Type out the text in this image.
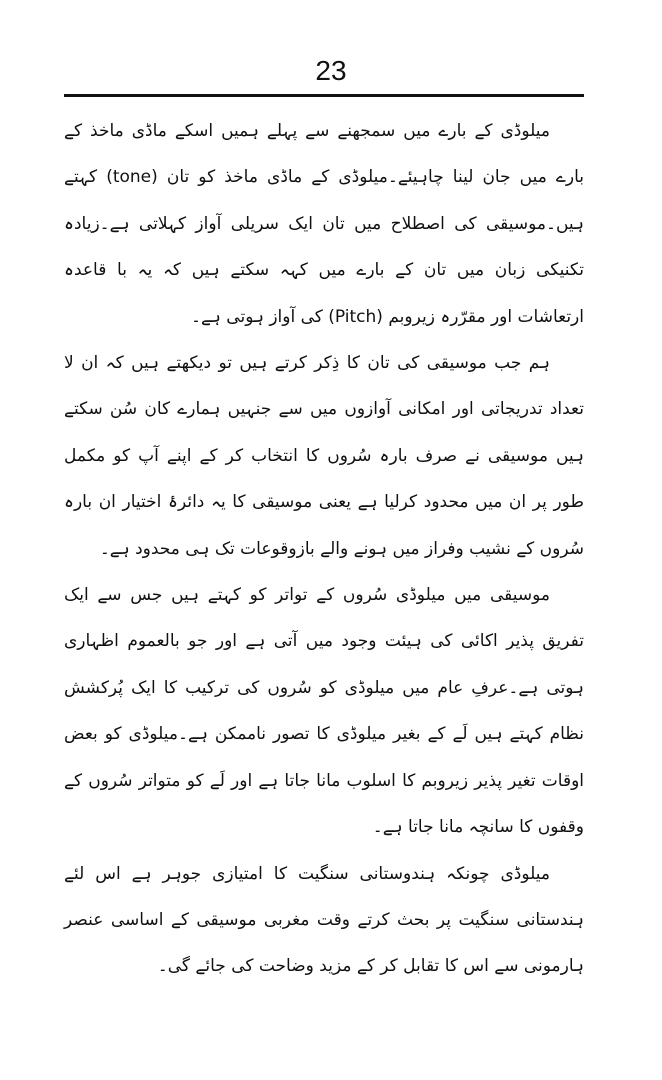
23

میلوڈی کے بارے میں سمجھنے سے پہلے ہمیں اسکے ماڈی ماخذ کے بارے میں جان لینا چاہیئے۔میلوڈی کے ماڈی ماخذ کو تان (tone) کہتے ہیں۔موسیقی کی اصطلاح میں تان ایک سریلی آواز کہلاتی ہے۔زیادہ تکنیکی زبان میں تان کے بارے میں کہہ سکتے ہیں کہ یہ با قاعدہ ارتعاشات اور مقرّرہ زیروبم (Pitch) کی آواز ہوتی ہے۔

ہم جب موسیقی کی تان کا ذِکر کرتے ہیں تو دیکھتے ہیں کہ ان لا تعداد تدریجاتی اور امکانی آوازوں میں سے جنہیں ہمارے کان سُن سکتے ہیں موسیقی نے صرف بارہ سُروں کا انتخاب کر کے اپنے آپ کو مکمل طور پر ان میں محدود کرلیا ہے یعنی موسیقی کا یہ دائرۂ اختیار ان بارہ سُروں کے نشیب وفراز میں ہونے والے بازوقوعات تک ہی محدود ہے۔

موسیقی میں میلوڈی سُروں کے تواتر کو کہتے ہیں جس سے ایک تفریق پذیر اکائی کی ہیئت وجود میں آتی ہے اور جو بالعموم اظہاری ہوتی ہے۔عرفِ عام میں میلوڈی کو سُروں کی ترکیب کا ایک پُرکشش نظام کہتے ہیں لَے کے بغیر میلوڈی کا تصور ناممکن ہے۔میلوڈی کو بعض اوقات تغیر پذیر زیروبم کا اسلوب مانا جاتا ہے اور لَے کو متواتر سُروں کے وقفوں کا سانچہ مانا جاتا ہے۔

میلوڈی چونکہ ہندوستانی سنگیت کا امتیازی جوہر ہے اس لئے ہندستانی سنگیت پر بحث کرتے وقت مغربی موسیقی کے اساسی عنصر ہارمونی سے اس کا تقابل کر کے مزید وضاحت کی جائے گی۔
